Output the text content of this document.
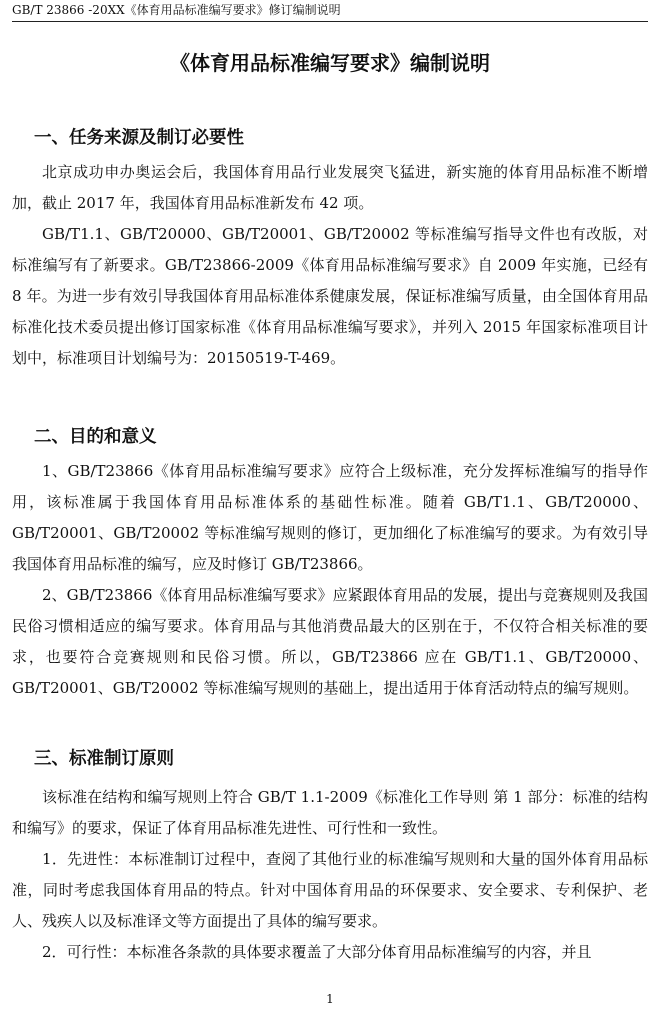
GB/T 23866 -20XX《体育用品标准编写要求》修订编制说明
《体育用品标准编写要求》编制说明
一、任务来源及制订必要性
北京成功申办奥运会后，我国体育用品行业发展突飞猛进，新实施的体育用品标准不断增加，截止 2017 年，我国体育用品标准新发布 42 项。
GB/T1.1、GB/T20000、GB/T20001、GB/T20002 等标准编写指导文件也有改版，对标准编写有了新要求。GB/T23866-2009《体育用品标准编写要求》自 2009 年实施，已经有 8 年。为进一步有效引导我国体育用品标准体系健康发展，保证标准编写质量，由全国体育用品标准化技术委员提出修订国家标准《体育用品标准编写要求》，并列入 2015 年国家标准项目计划中，标准项目计划编号为：20150519-T-469。
二、目的和意义
1、GB/T23866《体育用品标准编写要求》应符合上级标准，充分发挥标准编写的指导作用，该标准属于我国体育用品标准体系的基础性标准。随着 GB/T1.1、GB/T20000、GB/T20001、GB/T20002 等标准编写规则的修订，更加细化了标准编写的要求。为有效引导我国体育用品标准的编写，应及时修订 GB/T23866。
2、GB/T23866《体育用品标准编写要求》应紧跟体育用品的发展，提出与竞赛规则及我国民俗习惯相适应的编写要求。体育用品与其他消费品最大的区别在于，不仅符合相关标准的要求，也要符合竞赛规则和民俗习惯。所以，GB/T23866 应在 GB/T1.1、GB/T20000、GB/T20001、GB/T20002 等标准编写规则的基础上，提出适用于体育活动特点的编写规则。
三、标准制订原则
该标准在结构和编写规则上符合 GB/T 1.1-2009《标准化工作导则 第 1 部分：标准的结构和编写》的要求，保证了体育用品标准先进性、可行性和一致性。
1．先进性：本标准制订过程中，查阅了其他行业的标准编写规则和大量的国外体育用品标准，同时考虑我国体育用品的特点。针对中国体育用品的环保要求、安全要求、专利保护、老人、残疾人以及标准译文等方面提出了具体的编写要求。
2．可行性：本标准各条款的具体要求覆盖了大部分体育用品标准编写的内容，并且
1
